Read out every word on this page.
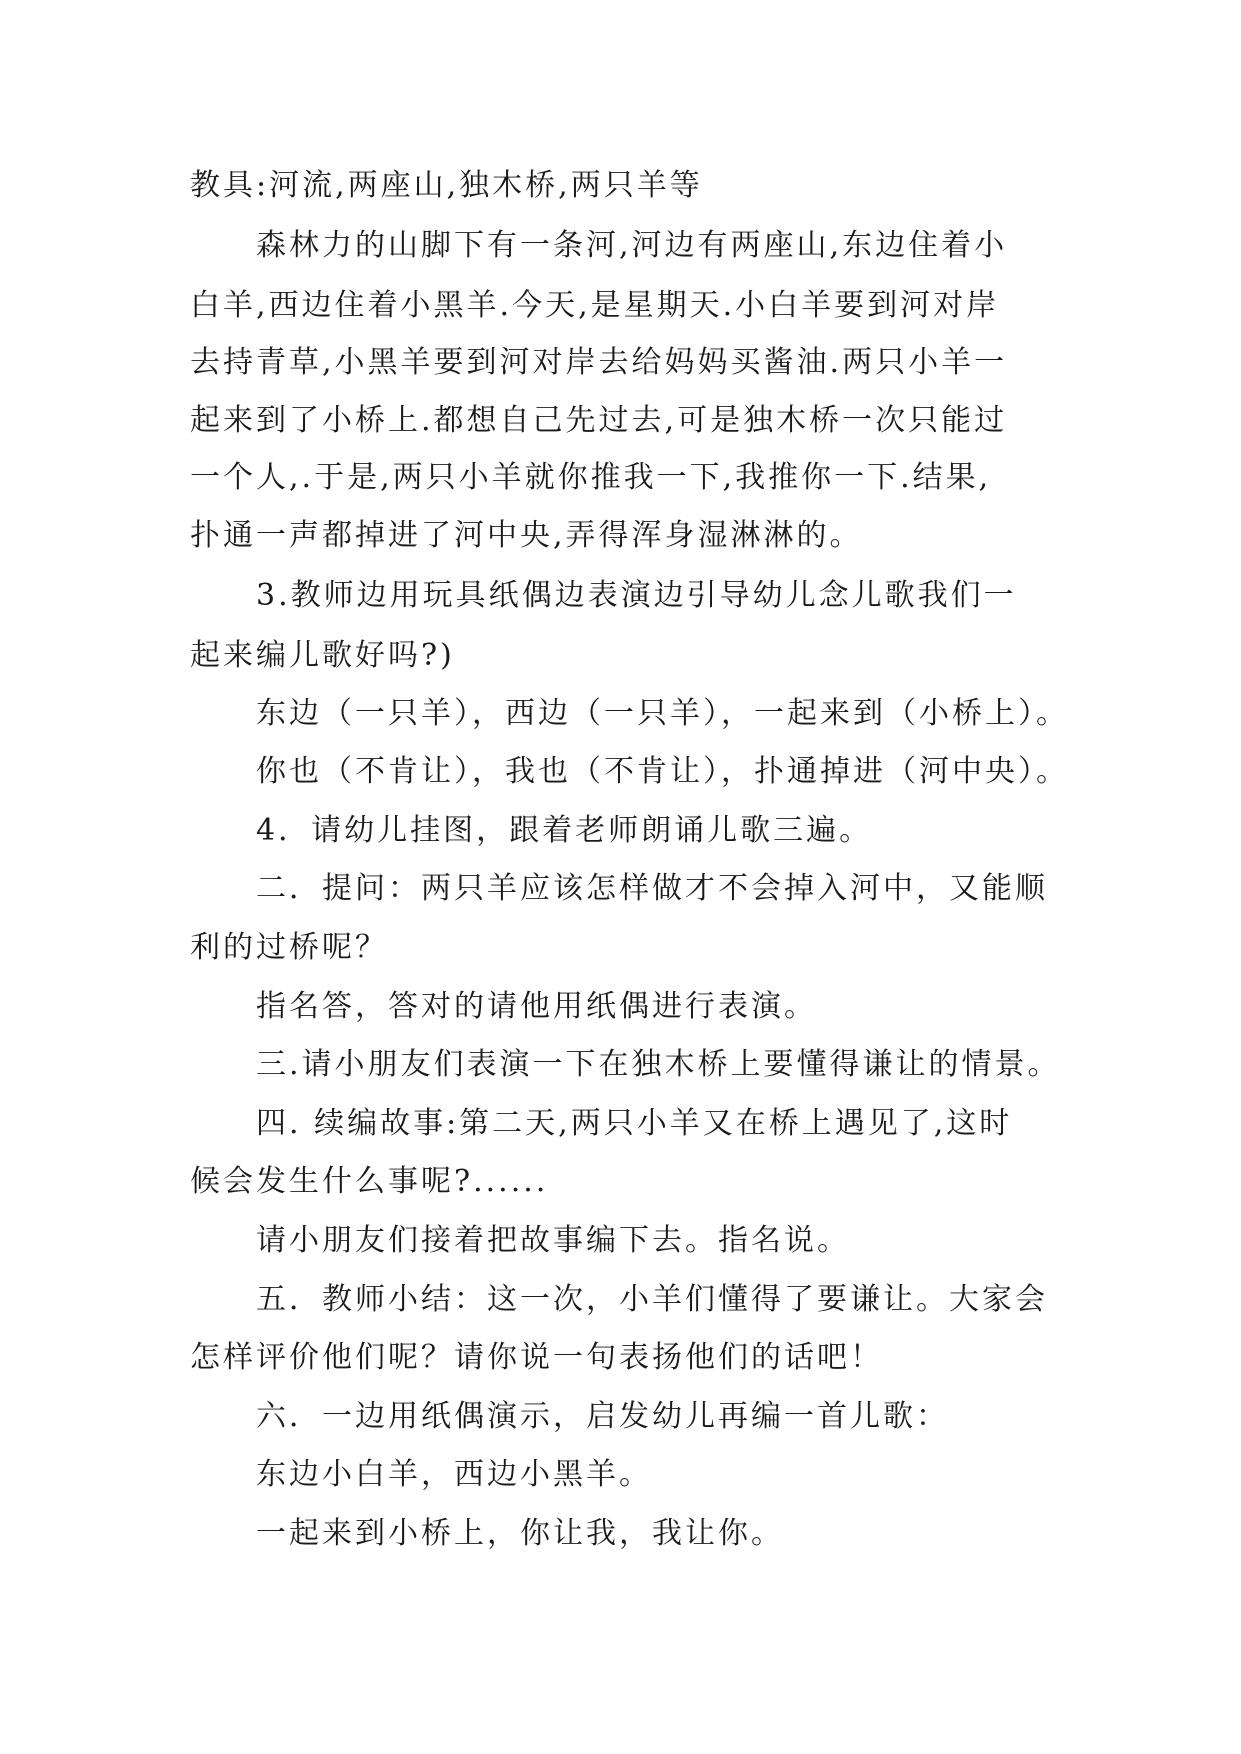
教具:河流,两座山,独木桥,两只羊等
森林力的山脚下有一条河,河边有两座山,东边住着小
白羊,西边住着小黑羊.今天,是星期天.小白羊要到河对岸
去持青草,小黑羊要到河对岸去给妈妈买酱油.两只小羊一
起来到了小桥上.都想自己先过去,可是独木桥一次只能过
一个人,.于是,两只小羊就你推我一下,我推你一下.结果,
扑通一声都掉进了河中央,弄得浑身湿淋淋的。
3.教师边用玩具纸偶边表演边引导幼儿念儿歌我们一
起来编儿歌好吗?)
东边（一只羊），西边（一只羊），一起来到（小桥上）。
你也（不肯让），我也（不肯让），扑通掉进（河中央）。
4．请幼儿挂图，跟着老师朗诵儿歌三遍。
二．提问：两只羊应该怎样做才不会掉入河中，又能顺
利的过桥呢？
指名答，答对的请他用纸偶进行表演。
三.请小朋友们表演一下在独木桥上要懂得谦让的情景。
四. 续编故事:第二天,两只小羊又在桥上遇见了,这时
候会发生什么事呢?......
请小朋友们接着把故事编下去。指名说。
五．教师小结：这一次，小羊们懂得了要谦让。大家会
怎样评价他们呢？请你说一句表扬他们的话吧！
六．一边用纸偶演示，启发幼儿再编一首儿歌：
东边小白羊，西边小黑羊。
一起来到小桥上，你让我，我让你。
